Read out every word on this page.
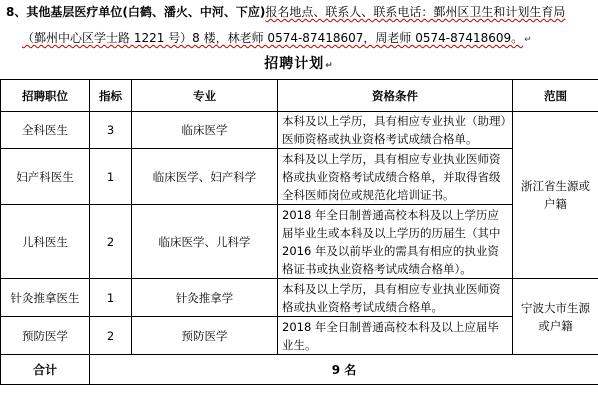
8、其他基层医疗单位(白鹤、潘火、中河、下应)报名地点、联系人、联系电话：鄞州区卫生和计划生育局
（鄞州中心区学士路 1221 号）8 楼，林老师 0574-87418607，周老师 0574-87418609。↵
招聘计划↵
招聘职位	指标	专业	资格条件	范围
全科医生	3	临床医学	本科及以上学历，具有相应专业执业（助理）医师资格或执业资格考试成绩合格单。	浙江省生源或户籍
妇产科医生	1	临床医学、妇产科学	本科及以上学历，具有相应专业执业医师资格或执业资格考试成绩合格单，并取得省级全科医师岗位或规范化培训证书。	
儿科医生	2	临床医学、儿科学	2018 年全日制普通高校本科及以上学历应届毕业生或本科及以上学历的历届生（其中 2016 年及以前毕业的需具有相应的执业资格证书或执业资格考试成绩合格单）。	
针灸推拿医生	1	针灸推拿学	本科及以上学历，具有相应专业执业医师资格或执业资格考试成绩合格单。	宁波大市生源或户籍
预防医学	2	预防医学	2018 年全日制普通高校本科及以上应届毕业生。	
合计	9 名			
